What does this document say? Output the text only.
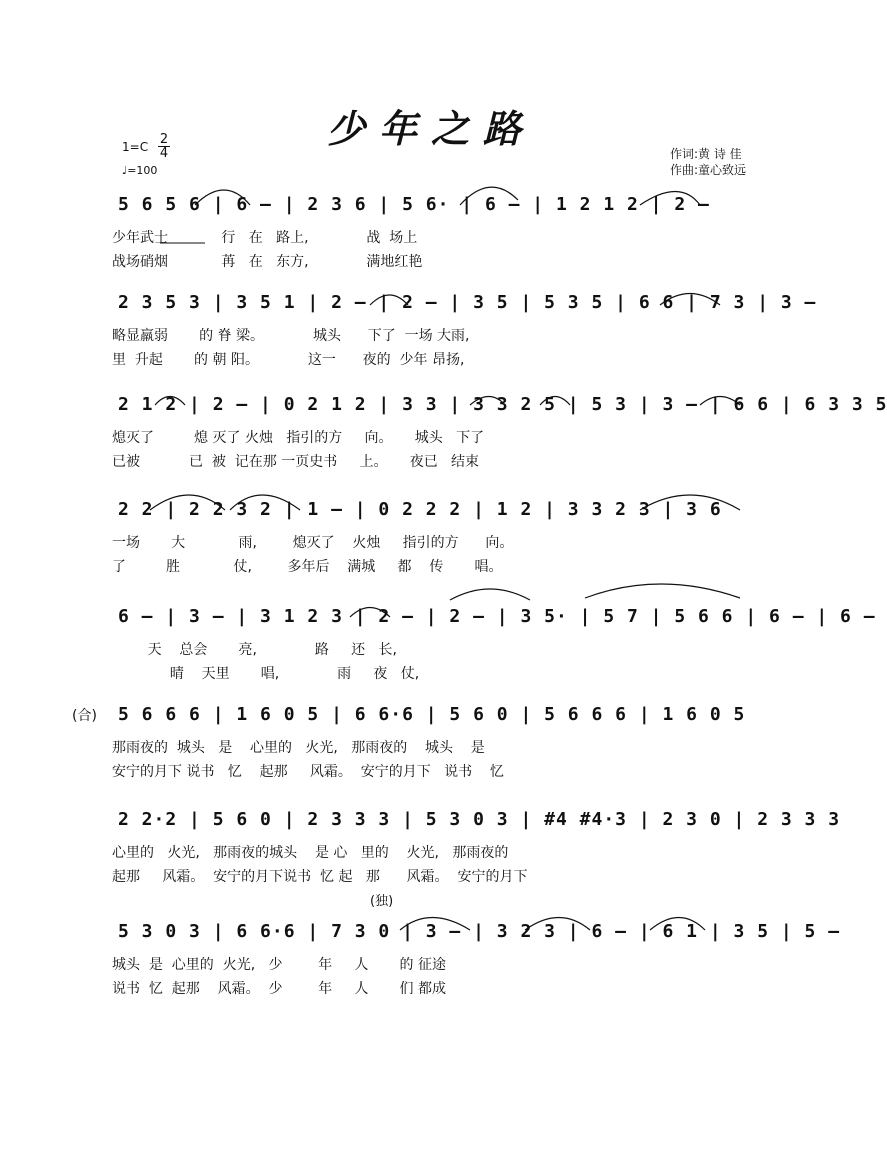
少年之路
1=C 2
4
♩=100
作词:黄 诗 佳
作曲:童心致远
5 6 5 6 | 6 – | 2 3 6 | 5 6· | 6 – | 1 2 1 2 | 2 –
少年武士            行   在   路上,             战  场上
战场硝烟            苒   在   东方,             满地红艳
2 3 5 3 | 3 5 1 | 2 – | 2 – | 3 5 | 5 3 5 | 6 6 | 7 3 | 3 –
略显羸弱       的 脊 梁。           城头      下了  一场 大雨,
里  升起       的 朝 阳。           这一      夜的  少年 昂扬,
2 1 2 | 2 – | 0 2 1 2 | 3 3 | 3 3 2 5 | 5 3 | 3 – | 6 6 | 6 3 3 5
熄灭了         熄 灭了 火烛   指引的方     向。     城头   下了
已被           已  被  记在那 一页史书     上。     夜已   结束
2 2 | 2 2 3 2 | 1 – | 0 2 2 2 | 1 2 | 3 3 2 3 | 3 6
一场       大            雨,        熄灭了    火烛     指引的方      向。
了         胜            仗,        多年后    满城     都    传       唱。
6 – | 3 – | 3 1 2 3 | 2 – | 2 – | 3 5· | 5 7 | 5 6 6 | 6 – | 6 –
天    总会       亮,             路     还   长,
晴    天里       唱,             雨     夜   仗,
(合) 5 6 6 6 | 1 6 0 5 | 6 6·6 | 5 6 0 | 5 6 6 6 | 1 6 0 5
那雨夜的  城头   是    心里的   火光,   那雨夜的    城头    是
安宁的月下 说书   忆    起那     风霜。  安宁的月下   说书    忆
2 2·2 | 5 6 0 | 2 3 3 3 | 5 3 0 3 | #4 #4·3 | 2 3 0 | 2 3 3 3
心里的   火光,   那雨夜的城头    是 心   里的    火光,   那雨夜的
起那     风霜。  安宁的月下说书  忆 起   那      风霜。  安宁的月下
(独)
5 3 0 3 | 6 6·6 | 7 3 0 | 3 – | 3 2 3 | 6 – | 6 1 | 3 5 | 5 –
城头  是  心里的  火光,   少        年     人       的 征途
说书  忆  起那    风霜。  少        年     人       们 都成
